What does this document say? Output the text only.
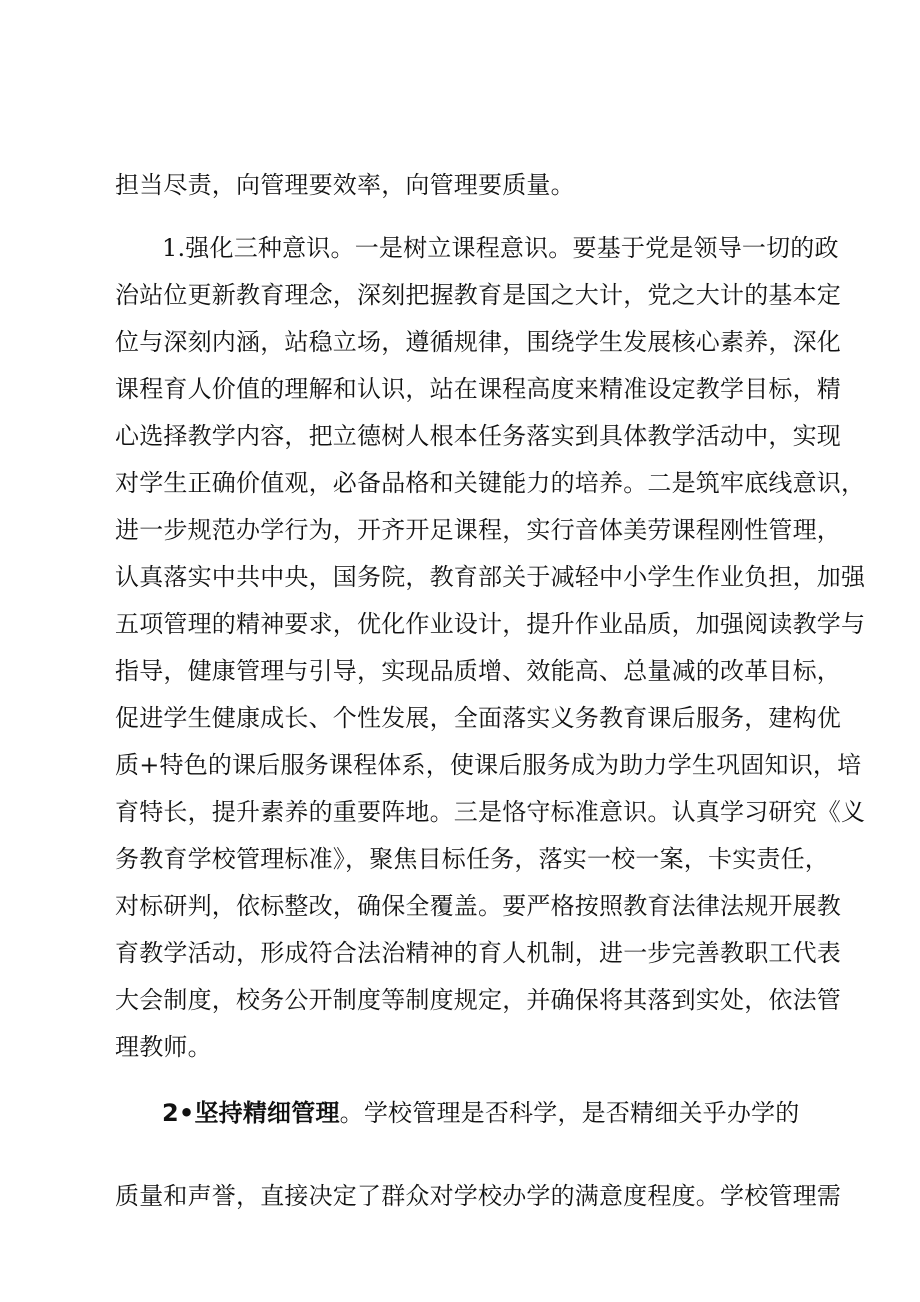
担当尽责，向管理要效率，向管理要质量。
1.强化三种意识。一是树立课程意识。要基于党是领导一切的政
治站位更新教育理念，深刻把握教育是国之大计，党之大计的基本定
位与深刻内涵，站稳立场，遵循规律，围绕学生发展核心素养，深化
课程育人价值的理解和认识，站在课程高度来精准设定教学目标，精
心选择教学内容，把立德树人根本任务落实到具体教学活动中，实现
对学生正确价值观，必备品格和关键能力的培养。二是筑牢底线意识，
进一步规范办学行为，开齐开足课程，实行音体美劳课程刚性管理，
认真落实中共中央，国务院，教育部关于减轻中小学生作业负担，加强
五项管理的精神要求，优化作业设计，提升作业品质，加强阅读教学与
指导，健康管理与引导，实现品质增、效能高、总量减的改革目标，
促进学生健康成长、个性发展，全面落实义务教育课后服务，建构优
质+特色的课后服务课程体系，使课后服务成为助力学生巩固知识，培
育特长，提升素养的重要阵地。三是恪守标准意识。认真学习研究《义
务教育学校管理标准》，聚焦目标任务，落实一校一案，卡实责任，
对标研判，依标整改，确保全覆盖。要严格按照教育法律法规开展教
育教学活动，形成符合法治精神的育人机制，进一步完善教职工代表
大会制度，校务公开制度等制度规定，并确保将其落到实处，依法管
理教师。
2•坚持精细管理。学校管理是否科学，是否精细关乎办学的
质量和声誉，直接决定了群众对学校办学的满意度程度。学校管理需
